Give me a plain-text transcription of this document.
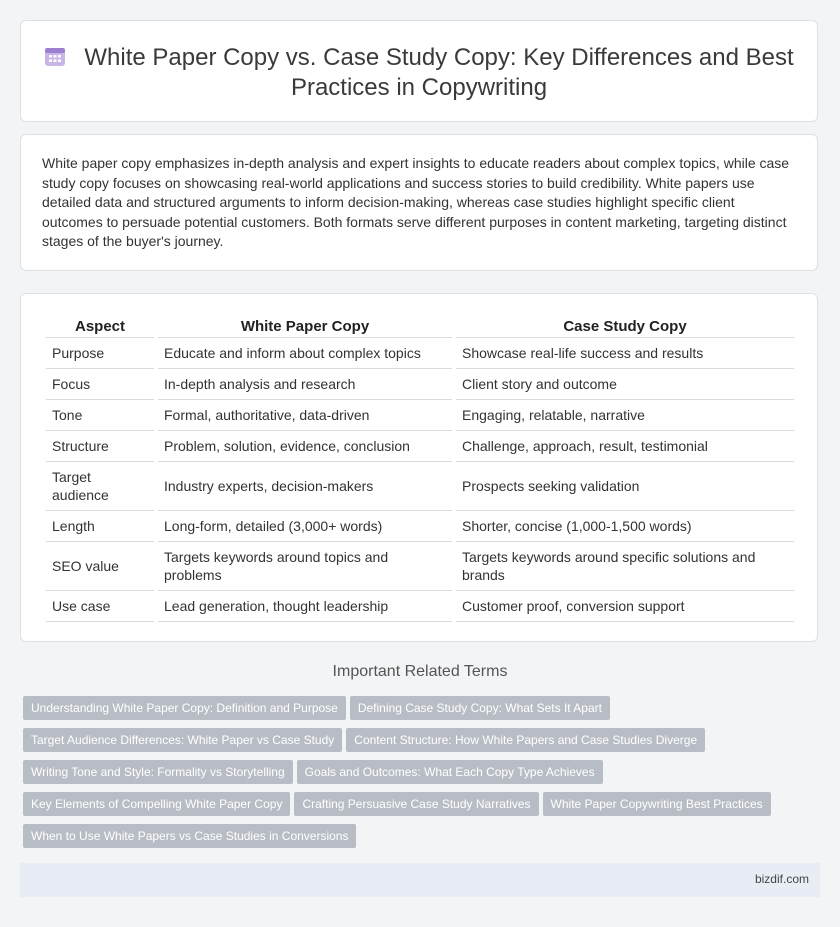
White Paper Copy vs. Case Study Copy: Key Differences and Best Practices in Copywriting
White paper copy emphasizes in-depth analysis and expert insights to educate readers about complex topics, while case study copy focuses on showcasing real-world applications and success stories to build credibility. White papers use detailed data and structured arguments to inform decision-making, whereas case studies highlight specific client outcomes to persuade potential customers. Both formats serve different purposes in content marketing, targeting distinct stages of the buyer's journey.
Aspect	White Paper Copy	Case Study Copy
Purpose	Educate and inform about complex topics	Showcase real-life success and results
Focus	In-depth analysis and research	Client story and outcome
Tone	Formal, authoritative, data-driven	Engaging, relatable, narrative
Structure	Problem, solution, evidence, conclusion	Challenge, approach, result, testimonial
Target audience	Industry experts, decision-makers	Prospects seeking validation
Length	Long-form, detailed (3,000+ words)	Shorter, concise (1,000-1,500 words)
SEO value	Targets keywords around topics and problems	Targets keywords around specific solutions and brands
Use case	Lead generation, thought leadership	Customer proof, conversion support
Important Related Terms
Understanding White Paper Copy: Definition and Purpose Defining Case Study Copy: What Sets It Apart
Target Audience Differences: White Paper vs Case Study Content Structure: How White Papers and Case Studies Diverge
Writing Tone and Style: Formality vs Storytelling Goals and Outcomes: What Each Copy Type Achieves
Key Elements of Compelling White Paper Copy Crafting Persuasive Case Study Narratives White Paper Copywriting Best Practices
When to Use White Papers vs Case Studies in Conversions
bizdif.com
